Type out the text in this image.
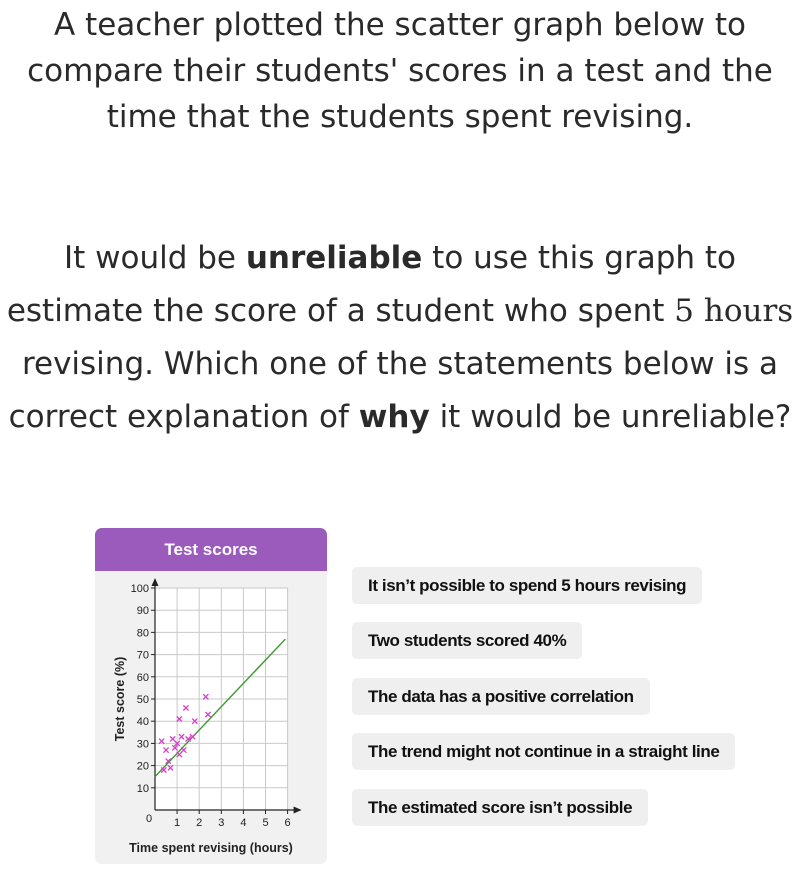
A teacher plotted the scatter graph below to compare their students' scores in a test and the time that the students spent revising.
It would be unreliable to use this graph to estimate the score of a student who spent 5 hours revising. Which one of the statements below is a correct explanation of why it would be unreliable?
Test scores
10
20
30
40
50
60
70
80
90
100
1 2 3 4 5 6
0
Time spent revising (hours)
Test score (%)
It isn’t possible to spend 5 hours revising
Two students scored 40%
The data has a positive correlation
The trend might not continue in a straight line
The estimated score isn’t possible
